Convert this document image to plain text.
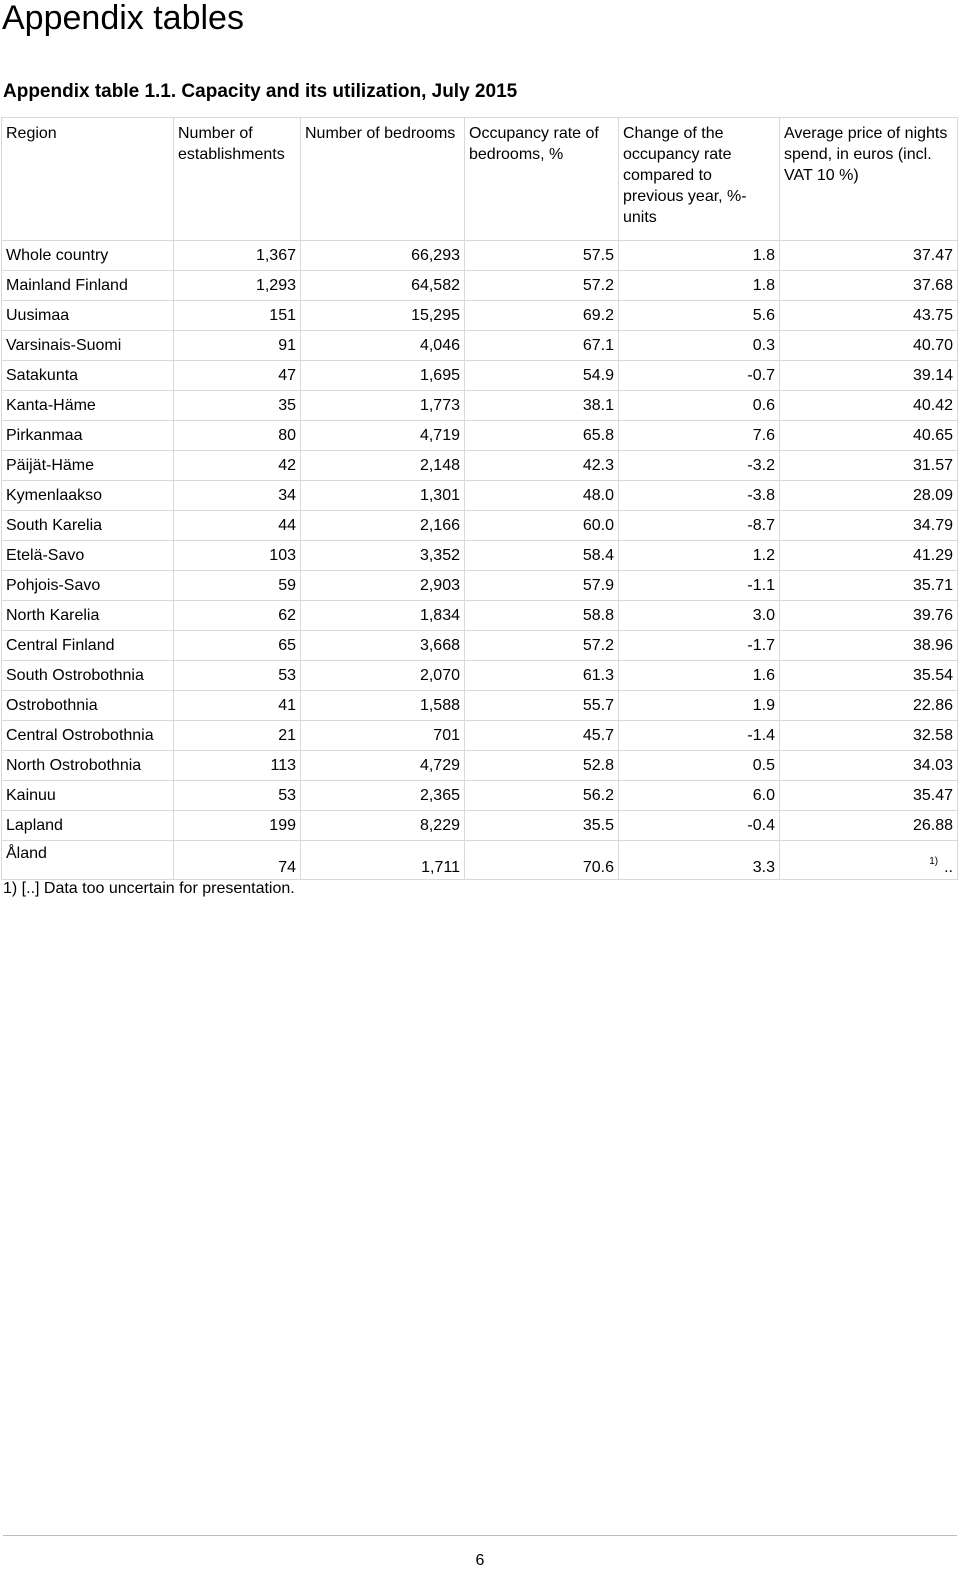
Appendix tables
Appendix table 1.1. Capacity and its utilization, July 2015
Region	Number of establishments	Number of bedrooms	Occupancy rate of bedrooms, %	Change of the occupancy rate compared to previous year, %-units	Average price of nights spend, in euros (incl. VAT 10 %)
Whole country	1,367	66,293	57.5	1.8	37.47
Mainland Finland	1,293	64,582	57.2	1.8	37.68
Uusimaa	151	15,295	69.2	5.6	43.75
Varsinais-Suomi	91	4,046	67.1	0.3	40.70
Satakunta	47	1,695	54.9	-0.7	39.14
Kanta-Häme	35	1,773	38.1	0.6	40.42
Pirkanmaa	80	4,719	65.8	7.6	40.65
Päijät-Häme	42	2,148	42.3	-3.2	31.57
Kymenlaakso	34	1,301	48.0	-3.8	28.09
South Karelia	44	2,166	60.0	-8.7	34.79
Etelä-Savo	103	3,352	58.4	1.2	41.29
Pohjois-Savo	59	2,903	57.9	-1.1	35.71
North Karelia	62	1,834	58.8	3.0	39.76
Central Finland	65	3,668	57.2	-1.7	38.96
South Ostrobothnia	53	2,070	61.3	1.6	35.54
Ostrobothnia	41	1,588	55.7	1.9	22.86
Central Ostrobothnia	21	701	45.7	-1.4	32.58
North Ostrobothnia	113	4,729	52.8	0.5	34.03
Kainuu	53	2,365	56.2	6.0	35.47
Lapland	199	8,229	35.5	-0.4	26.88
Åland	74	1,711	70.6	3.3	$^{1)}$ ..

1) [..] Data too uncertain for presentation.

6
